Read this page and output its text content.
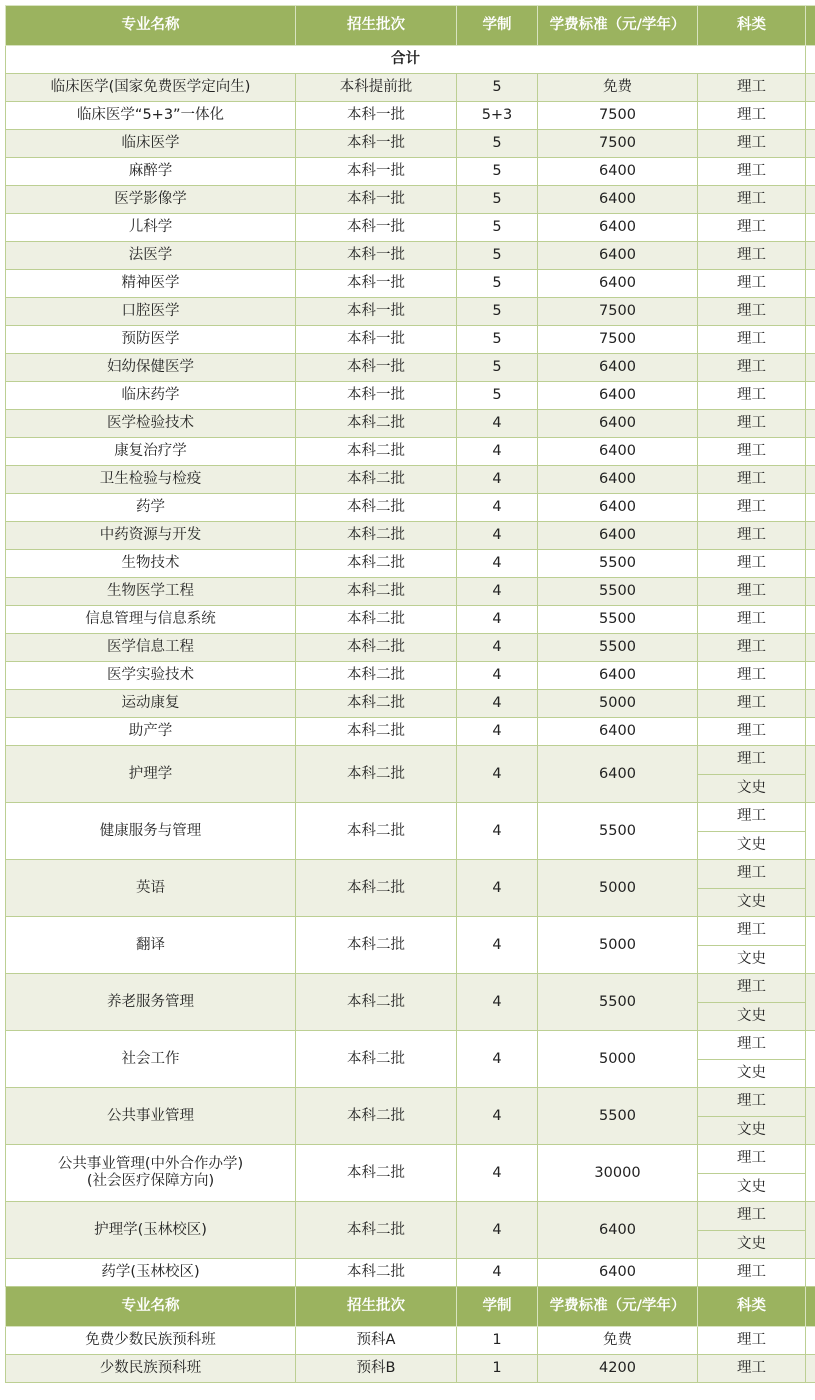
专业名称	招生批次	学制	学费标准（元/学年）	科类	
合计					

临床医学(国家免费医学定向生)	本科提前批	5	免费	理工	

临床医学“5+3”一体化	本科一批	5+3	7500	理工	

临床医学	本科一批	5	7500	理工	

麻醉学	本科一批	5	6400	理工	

医学影像学	本科一批	5	6400	理工	

儿科学	本科一批	5	6400	理工	

法医学	本科一批	5	6400	理工	

精神医学	本科一批	5	6400	理工	

口腔医学	本科一批	5	7500	理工	

预防医学	本科一批	5	7500	理工	

妇幼保健医学	本科一批	5	6400	理工	

临床药学	本科一批	5	6400	理工	

医学检验技术	本科二批	4	6400	理工	

康复治疗学	本科二批	4	6400	理工	

卫生检验与检疫	本科二批	4	6400	理工	

药学	本科二批	4	6400	理工	

中药资源与开发	本科二批	4	6400	理工	

生物技术	本科二批	4	5500	理工	

生物医学工程	本科二批	4	5500	理工	

信息管理与信息系统	本科二批	4	5500	理工	

医学信息工程	本科二批	4	5500	理工	

医学实验技术	本科二批	4	6400	理工	

运动康复	本科二批	4	5000	理工	

助产学	本科二批	4	6400	理工	

护理学	本科二批	4	6400	理工	
				文史	

健康服务与管理	本科二批	4	5500	理工	
				文史	

英语	本科二批	4	5000	理工	
				文史	

翻译	本科二批	4	5000	理工	
				文史	

养老服务管理	本科二批	4	5500	理工	
				文史	

社会工作	本科二批	4	5000	理工	
				文史	

公共事业管理	本科二批	4	5500	理工	
				文史	

公共事业管理(中外合作办学)
(社会医疗保障方向)	本科二批	4	30000	理工	
				文史	

护理学(玉林校区)	本科二批	4	6400	理工	
				文史	

药学(玉林校区)	本科二批	4	6400	理工	
专业名称	招生批次	学制	学费标准（元/学年）	科类	

免费少数民族预科班	预科A	1	免费	理工	

少数民族预科班	预科B	1	4200	理工	
